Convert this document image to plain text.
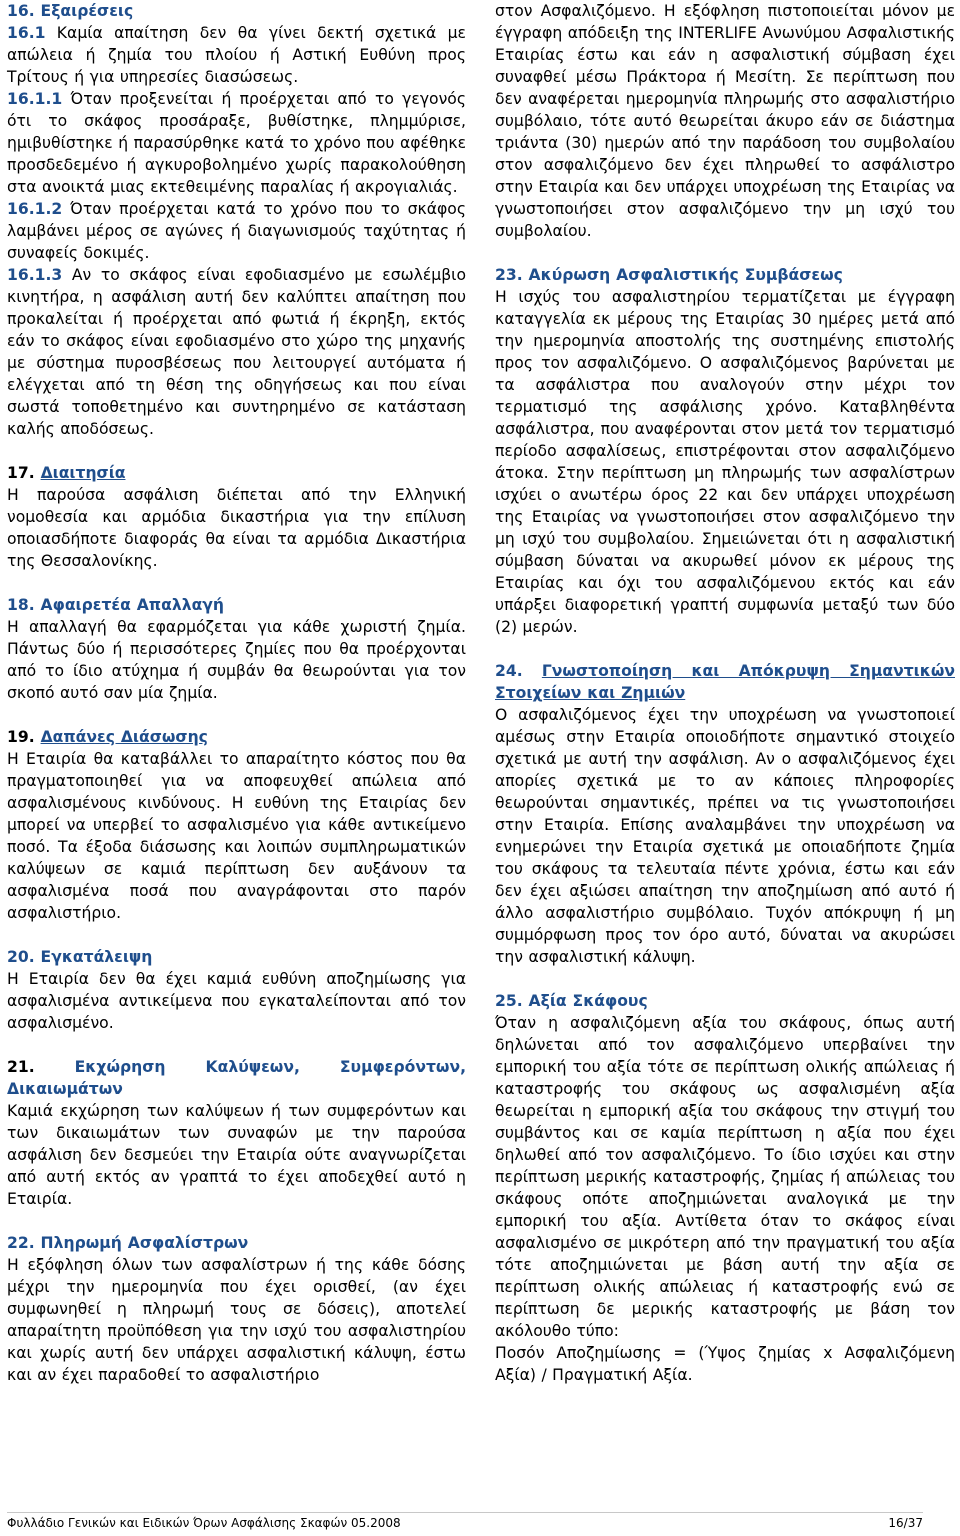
16. Εξαιρέσεις

16.1 Καμία απαίτηση δεν θα γίνει δεκτή σχετικά με απώλεια ή ζημία του πλοίου ή Αστική Ευθύνη προς Τρίτους ή για υπηρεσίες διασώσεως.

16.1.1 Όταν προξενείται ή προέρχεται από το γεγονός ότι το σκάφος προσάραξε, βυθίστηκε, πλημμύρισε, ημιβυθίστηκε ή παρασύρθηκε κατά το χρόνο που αφέθηκε προσδεδεμένο ή αγκυροβολημένο χωρίς παρακολούθηση στα ανοικτά μιας εκτεθειμένης παραλίας ή ακρογιαλιάς.

16.1.2 Όταν προέρχεται κατά το χρόνο που το σκάφος λαμβάνει μέρος σε αγώνες ή διαγωνισμούς ταχύτητας ή συναφείς δοκιμές.

16.1.3 Αν το σκάφος είναι εφοδιασμένο με εσωλέμβιο κινητήρα, η ασφάλιση αυτή δεν καλύπτει απαίτηση που προκαλείται ή προέρχεται από φωτιά ή έκρηξη, εκτός εάν το σκάφος είναι εφοδιασμένο στο χώρο της μηχανής με σύστημα πυροσβέσεως που λειτουργεί αυτόματα ή ελέγχεται από τη θέση της οδηγήσεως και που είναι σωστά τοποθετημένο και συντηρημένο σε κατάσταση καλής αποδόσεως.

17. Διαιτησία

Η παρούσα ασφάλιση διέπεται από την Ελληνική νομοθεσία και αρμόδια δικαστήρια για την επίλυση οποιασδήποτε διαφοράς θα είναι τα αρμόδια Δικαστήρια της Θεσσαλονίκης.

18. Αφαιρετέα Απαλλαγή

Η απαλλαγή θα εφαρμόζεται για κάθε χωριστή ζημία. Πάντως δύο ή περισσότερες ζημίες που θα προέρχονται από το ίδιο ατύχημα ή συμβάν θα θεωρούνται για τον σκοπό αυτό σαν μία ζημία.

19. Δαπάνες Διάσωσης

Η Εταιρία θα καταβάλλει το απαραίτητο κόστος που θα πραγματοποιηθεί για να αποφευχθεί απώλεια από ασφαλισμένους κινδύνους. Η ευθύνη της Εταιρίας δεν μπορεί να υπερβεί το ασφαλισμένο για κάθε αντικείμενο ποσό. Τα έξοδα διάσωσης και λοιπών συμπληρωματικών καλύψεων σε καμιά περίπτωση δεν αυξάνουν τα ασφαλισμένα ποσά που αναγράφονται στο παρόν ασφαλιστήριο.

20. Εγκατάλειψη

Η Εταιρία δεν θα έχει καμιά ευθύνη αποζημίωσης για ασφαλισμένα αντικείμενα που εγκαταλείπονται από τον ασφαλισμένο.

21.	Εκχώρηση Καλύψεων, Συμφερόντων, Δικαιωμάτων

Καμιά εκχώρηση των καλύψεων ή των συμφερόντων και των δικαιωμάτων των συναφών με την παρούσα ασφάλιση δεν δεσμεύει την Εταιρία ούτε αναγνωρίζεται από αυτή εκτός αν γραπτά το έχει αποδεχθεί αυτό η Εταιρία.

22. Πληρωμή Ασφαλίστρων

Η εξόφληση όλων των ασφαλίστρων ή της κάθε δόσης μέχρι την ημερομηνία που έχει ορισθεί, (αν έχει συμφωνηθεί η πληρωμή τους σε δόσεις), αποτελεί απαραίτητη προϋπόθεση για την ισχύ του ασφαλιστηρίου και χωρίς αυτή δεν υπάρχει ασφαλιστική κάλυψη, έστω και αν έχει παραδοθεί το ασφαλιστήριο

στον Ασφαλιζόμενο. Η εξόφληση πιστοποιείται μόνον με έγγραφη απόδειξη της INTERLIFE Ανωνύμου Ασφαλιστικής Εταιρίας έστω και εάν η ασφαλιστική σύμβαση έχει συναφθεί μέσω Πράκτορα ή Μεσίτη. Σε περίπτωση που δεν αναφέρεται ημερομηνία πληρωμής στο ασφαλιστήριο συμβόλαιο, τότε αυτό θεωρείται άκυρο εάν σε διάστημα τριάντα (30) ημερών από την παράδοση του συμβολαίου στον ασφαλιζόμενο δεν έχει πληρωθεί το ασφάλιστρο στην Εταιρία και δεν υπάρχει υποχρέωση της Εταιρίας να γνωστοποιήσει στον ασφαλιζόμενο την μη ισχύ του συμβολαίου.

23. Ακύρωση Ασφαλιστικής Συμβάσεως

Η ισχύς του ασφαλιστηρίου τερματίζεται με έγγραφη καταγγελία εκ μέρους της Εταιρίας 30 ημέρες μετά από την ημερομηνία αποστολής της συστημένης επιστολής προς τον ασφαλιζόμενο. Ο ασφαλιζόμενος βαρύνεται με τα ασφάλιστρα που αναλογούν στην μέχρι τον τερματισμό της ασφάλισης χρόνο. Καταβληθέντα ασφάλιστρα, που αναφέρονται στον μετά τον τερματισμό περίοδο ασφαλίσεως, επιστρέφονται στον ασφαλιζόμενο άτοκα. Στην περίπτωση μη πληρωμής των ασφαλίστρων ισχύει ο ανωτέρω όρος 22 και δεν υπάρχει υποχρέωση της Εταιρίας να γνωστοποιήσει στον ασφαλιζόμενο την μη ισχύ του συμβολαίου. Σημειώνεται ότι η ασφαλιστική σύμβαση δύναται να ακυρωθεί μόνον εκ μέρους της Εταιρίας και όχι του ασφαλιζόμενου εκτός και εάν υπάρξει διαφορετική γραπτή συμφωνία μεταξύ των δύο (2) μερών.

24. Γνωστοποίηση και Απόκρυψη Σημαντικών Στοιχείων και Ζημιών

Ο ασφαλιζόμενος έχει την υποχρέωση να γνωστοποιεί αμέσως στην Εταιρία οποιοδήποτε σημαντικό στοιχείο σχετικά με αυτή την ασφάλιση. Αν ο ασφαλιζόμενος έχει απορίες σχετικά με το αν κάποιες πληροφορίες θεωρούνται σημαντικές, πρέπει να τις γνωστοποιήσει στην Εταιρία. Επίσης αναλαμβάνει την υποχρέωση να ενημερώνει την Εταιρία σχετικά με οποιαδήποτε ζημία του σκάφους τα τελευταία πέντε χρόνια, έστω και εάν δεν έχει αξιώσει απαίτηση την αποζημίωση από αυτό ή άλλο ασφαλιστήριο συμβόλαιο. Τυχόν απόκρυψη ή μη συμμόρφωση προς τον όρο αυτό, δύναται να ακυρώσει την ασφαλιστική κάλυψη.

25. Αξία Σκάφους

Όταν η ασφαλιζόμενη αξία του σκάφους, όπως αυτή δηλώνεται από τον ασφαλιζόμενο υπερβαίνει την εμπορική του αξία τότε σε περίπτωση ολικής απώλειας ή καταστροφής του σκάφους ως ασφαλισμένη αξία θεωρείται η εμπορική αξία του σκάφους την στιγμή του συμβάντος και σε καμία περίπτωση η αξία που έχει δηλωθεί από τον ασφαλιζόμενο. Το ίδιο ισχύει και στην περίπτωση μερικής καταστροφής, ζημίας ή απώλειας του σκάφους οπότε αποζημιώνεται αναλογικά με την εμπορική του αξία. Αντίθετα όταν το σκάφος είναι ασφαλισμένο σε μικρότερη από την πραγματική του αξία τότε αποζημιώνεται με βάση αυτή την αξία σε περίπτωση ολικής απώλειας ή καταστροφής ενώ σε περίπτωση δε μερικής καταστροφής με βάση τον ακόλουθο τύπο:

Ποσόν Αποζημίωσης = (Ύψος ζημίας x Ασφαλιζόμενη Αξία) / Πραγματική Αξία.

Φυλλάδιο Γενικών και Ειδικών Όρων Ασφάλισης Σκαφών 05.2008	16/37
